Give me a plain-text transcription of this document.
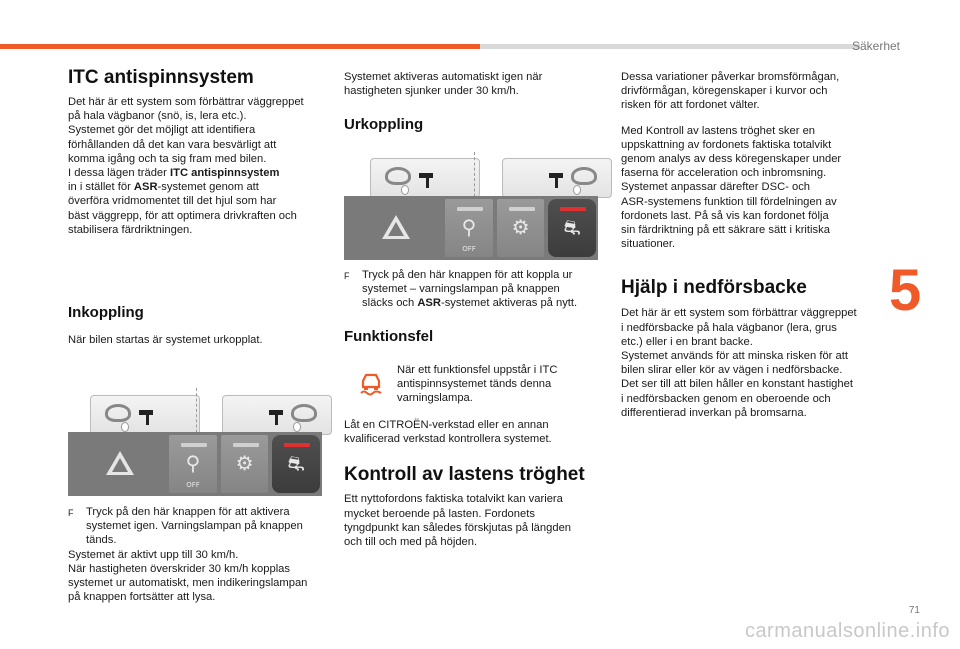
Säkerhet
5
71
carmanualsonline.info
ITC antispinnsystem

Det här är ett system som förbättrar väggreppet
på hala vägbanor (snö, is, lera etc.).
Systemet gör det möjligt att identifiera
förhållanden då det kan vara besvärligt att
komma igång och ta sig fram med bilen.
I dessa lägen träder ITC antispinnsystem
in i stället för ASR-systemet genom att
överföra vridmomentet till det hjul som har
bäst väggrepp, för att optimera drivkraften och
stabilisera färdriktningen.

Inkoppling

När bilen startas är systemet urkopplat.

⚲
OFF
⚙	⛐
F	Tryck på den här knappen för att aktivera
systemet igen. Varningslampan på knappen
tänds.

Systemet är aktivt upp till 30 km/h.
När hastigheten överskrider 30 km/h kopplas
systemet ur automatiskt, men indikeringslampan
på knappen fortsätter att lysa.

Systemet aktiveras automatiskt igen när
hastigheten sjunker under 30 km/h.

Urkoppling
⚲
OFF
⚙	⛐
F	Tryck på den här knappen för att koppla ur
systemet – varningslampan på knappen
släcks och ASR-systemet aktiveras på nytt.
Funktionsfel

När ett funktionsfel uppstår i ITC
antispinnsystemet tänds denna
varningslampa.

Låt en CITROËN-verkstad eller en annan
kvalificerad verkstad kontrollera systemet.

Kontroll av lastens tröghet

Ett nyttofordons faktiska totalvikt kan variera
mycket beroende på lasten. Fordonets
tyngdpunkt kan således förskjutas på längden
och till och med på höjden.

Dessa variationer påverkar bromsförmågan,
drivförmågan, köregenskaper i kurvor och
risken för att fordonet välter.

Med Kontroll av lastens tröghet sker en
uppskattning av fordonets faktiska totalvikt
genom analys av dess köregenskaper under
faserna för acceleration och inbromsning.
Systemet anpassar därefter DSC- och
ASR-systemens funktion till fördelningen av
fordonets last. På så vis kan fordonet följa
sin färdriktning på ett säkrare sätt i kritiska
situationer.

Hjälp i nedförsbacke

Det här är ett system som förbättrar väggreppet
i nedförsbacke på hala vägbanor (lera, grus
etc.) eller i en brant backe.
Systemet används för att minska risken för att
bilen slirar eller kör av vägen i nedförsbacke.
Det ser till att bilen håller en konstant hastighet
i nedförsbacken genom en oberoende och
differentierad inverkan på bromsarna.
